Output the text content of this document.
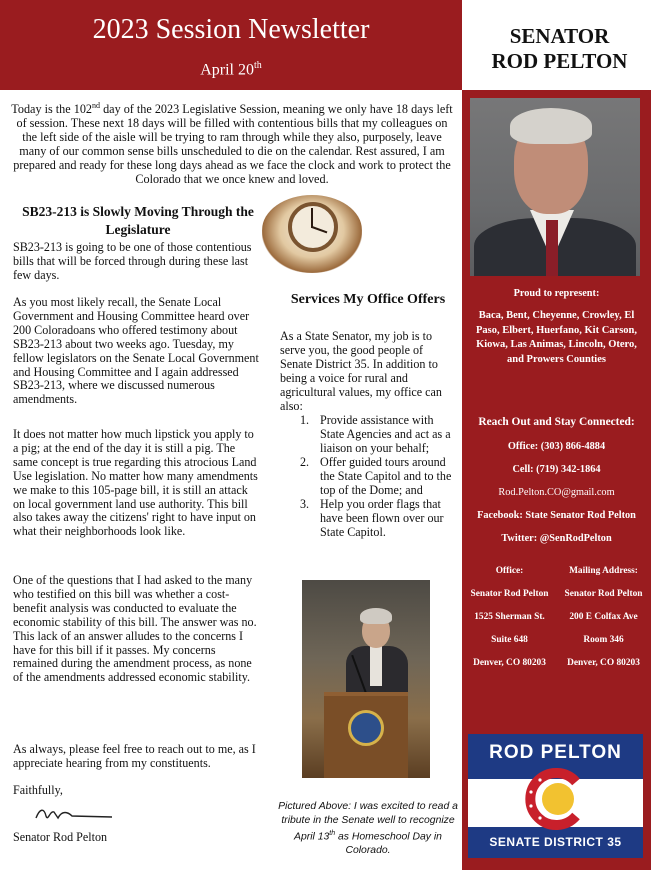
2023 Session Newsletter
April 20th

Today is the 102nd day of the 2023 Legislative Session, meaning we only have 18 days left of session. These next 18 days will be filled with contentious bills that my colleagues on the left side of the aisle will be trying to ram through while they also, purposely, leave many of our common sense bills unscheduled to die on the calendar. Rest assured, I am prepared and ready for these long days ahead as we face the clock and work to protect the Colorado that we once knew and loved.

SB23-213 is Slowly Moving Through the Legislature

SB23-213 is going to be one of those contentious bills that will be forced through during these last few days.

As you most likely recall, the Senate Local Government and Housing Committee heard over 200 Coloradoans who offered testimony about SB23-213 about two weeks ago. Tuesday, my fellow legislators on the Senate Local Government and Housing Committee and I again addressed SB23-213, where we discussed numerous amendments.

It does not matter how much lipstick you apply to a pig; at the end of the day it is still a pig. The same concept is true regarding this atrocious Land Use legislation. No matter how many amendments we make to this 105-page bill, it is still an attack on local government land use authority. This bill also takes away the citizens' right to have input on what their neighborhoods look like.

One of the questions that I had asked to the many who testified on this bill was whether a cost- benefit analysis was conducted to evaluate the economic stability of this bill. The answer was no. This lack of an answer alludes to the concerns I have for this bill if it passes. My concerns remained during the amendment process, as none of the amendments addressed economic stability.

As always, please feel free to reach out to me, as I appreciate hearing from my constituents.

Faithfully,

Senator Rod Pelton

Services My Office Offers

As a State Senator, my job is to serve you, the good people of Senate District 35. In addition to being a voice for rural and agricultural values, my office can also:

1. Provide assistance with State Agencies and act as a liaison on your behalf;
2. Offer guided tours around the State Capitol and to the top of the Dome; and
3. Help you order flags that have been flown over our State Capitol.

Pictured Above: I was excited to read a tribute in the Senate well to recognize April 13th as Homeschool Day in Colorado.

SENATOR
ROD PELTON
Proud to represent:
Baca, Bent, Cheyenne, Crowley, El Paso, Elbert, Huerfano, Kit Carson, Kiowa, Las Animas, Lincoln, Otero, and Prowers Counties
Reach Out and Stay Connected:
Office: (303) 866-4884
Cell: (719) 342-1864
Rod.Pelton.CO@gmail.com
Facebook: State Senator Rod Pelton
Twitter: @SenRodPelton
Office:
Senator Rod Pelton
1525 Sherman St.
Suite 648
Denver, CO 80203
Mailing Address:
Senator Rod Pelton
200 E Colfax Ave
Room 346
Denver, CO 80203
ROD PELTON
SENATE DISTRICT 35
